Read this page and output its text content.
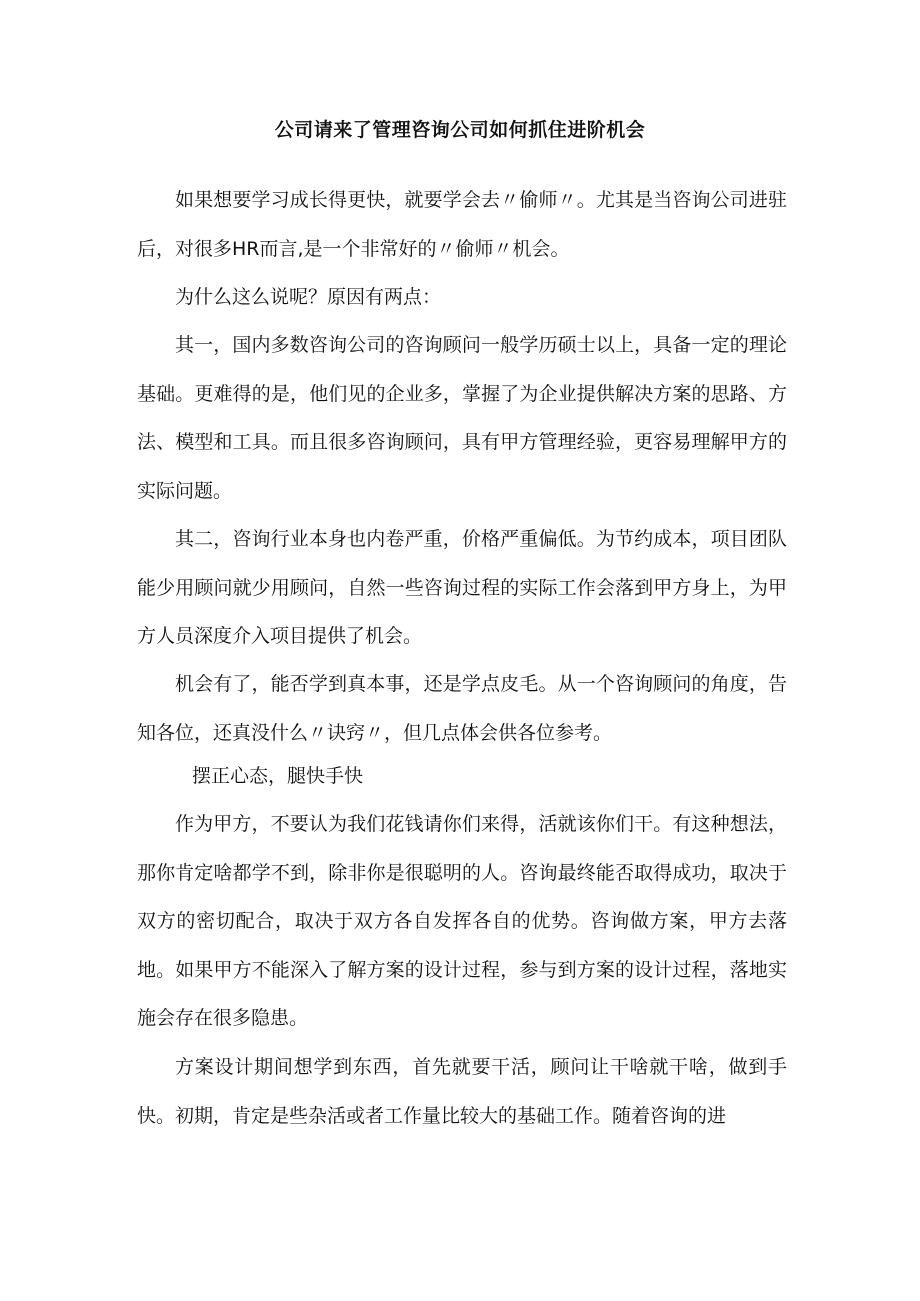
公司请来了管理咨询公司如何抓住进阶机会

如果想要学习成长得更快，就要学会去〃偷师〃。尤其是当咨询公司进驻后，对很多HR而言,是一个非常好的〃偷师〃机会。

为什么这么说呢？原因有两点：

其一，国内多数咨询公司的咨询顾问一般学历硕士以上，具备一定的理论基础。更难得的是，他们见的企业多，掌握了为企业提供解决方案的思路、方法、模型和工具。而且很多咨询顾问，具有甲方管理经验，更容易理解甲方的实际问题。

其二，咨询行业本身也内卷严重，价格严重偏低。为节约成本，项目团队能少用顾问就少用顾问，自然一些咨询过程的实际工作会落到甲方身上，为甲方人员深度介入项目提供了机会。

机会有了，能否学到真本事，还是学点皮毛。从一个咨询顾问的角度，告知各位，还真没什么〃诀窍〃，但几点体会供各位参考。

摆正心态，腿快手快

作为甲方，不要认为我们花钱请你们来得，活就该你们干。有这种想法，那你肯定啥都学不到，除非你是很聪明的人。咨询最终能否取得成功，取决于双方的密切配合，取决于双方各自发挥各自的优势。咨询做方案，甲方去落地。如果甲方不能深入了解方案的设计过程，参与到方案的设计过程，落地实施会存在很多隐患。

方案设计期间想学到东西，首先就要干活，顾问让干啥就干啥，做到手快。初期，肯定是些杂活或者工作量比较大的基础工作。随着咨询的进
